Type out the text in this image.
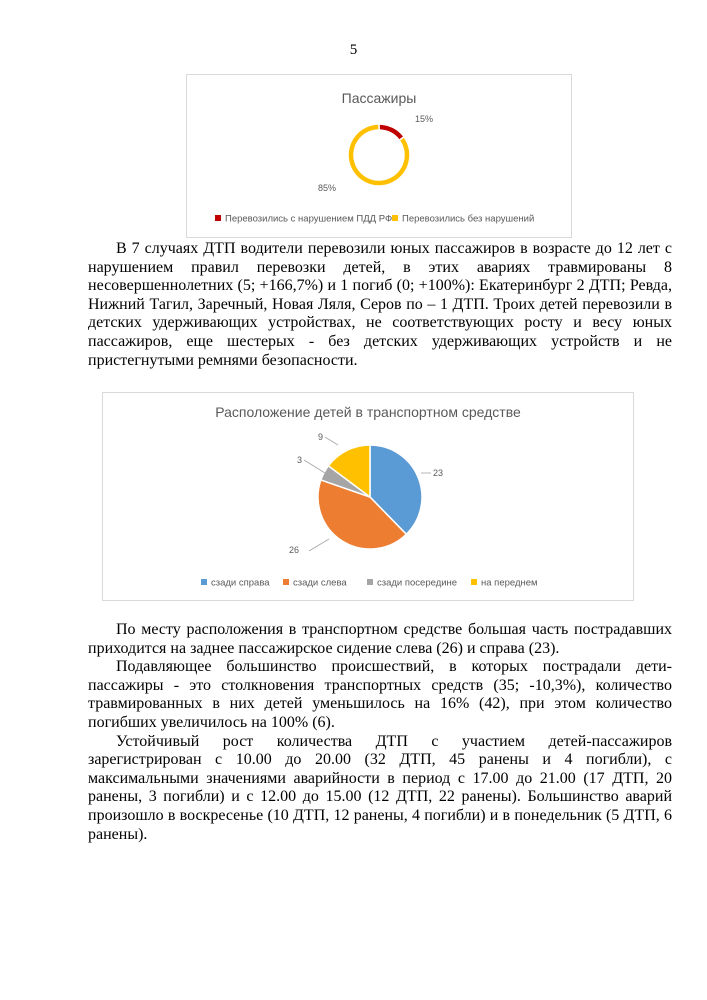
5
Пассажиры
15%
85%
Перевозились с нарушением ПДД РФ Перевозились без нарушений

В 7 случаях ДТП водители перевозили юных пассажиров в возрасте до 12 лет с нарушением правил перевозки детей, в этих авариях травмированы 8 несовершеннолетних (5; +166,7%) и 1 погиб (0; +100%): Екатеринбург 2 ДТП; Ревда, Нижний Тагил, Заречный, Новая Ляля, Серов по – 1 ДТП. Троих детей перевозили в детских удерживающих устройствах, не соответствующих росту и весу юных пассажиров, еще шестерых - без детских удерживающих устройств и не пристегнутыми ремнями безопасности.

Расположение детей в транспортном средстве
23
26
3
9
сзади справа сзади слева	сзади посередине	на переднем

По месту расположения в транспортном средстве большая часть пострадавших приходится на заднее пассажирское сидение слева (26) и справа (23).

Подавляющее большинство происшествий, в которых пострадали дети-пассажиры - это столкновения транспортных средств (35; -10,3%), количество травмированных в них детей уменьшилось на 16% (42), при этом количество погибших увеличилось на 100% (6).

Устойчивый рост количества ДТП с участием детей-пассажиров зарегистрирован с 10.00 до 20.00 (32 ДТП, 45 ранены и 4 погибли), с максимальными значениями аварийности в период с 17.00 до 21.00 (17 ДТП, 20 ранены, 3 погибли) и с 12.00 до 15.00 (12 ДТП, 22 ранены). Большинство аварий произошло в воскресенье (10 ДТП, 12 ранены, 4 погибли) и в понедельник (5 ДТП, 6 ранены).
